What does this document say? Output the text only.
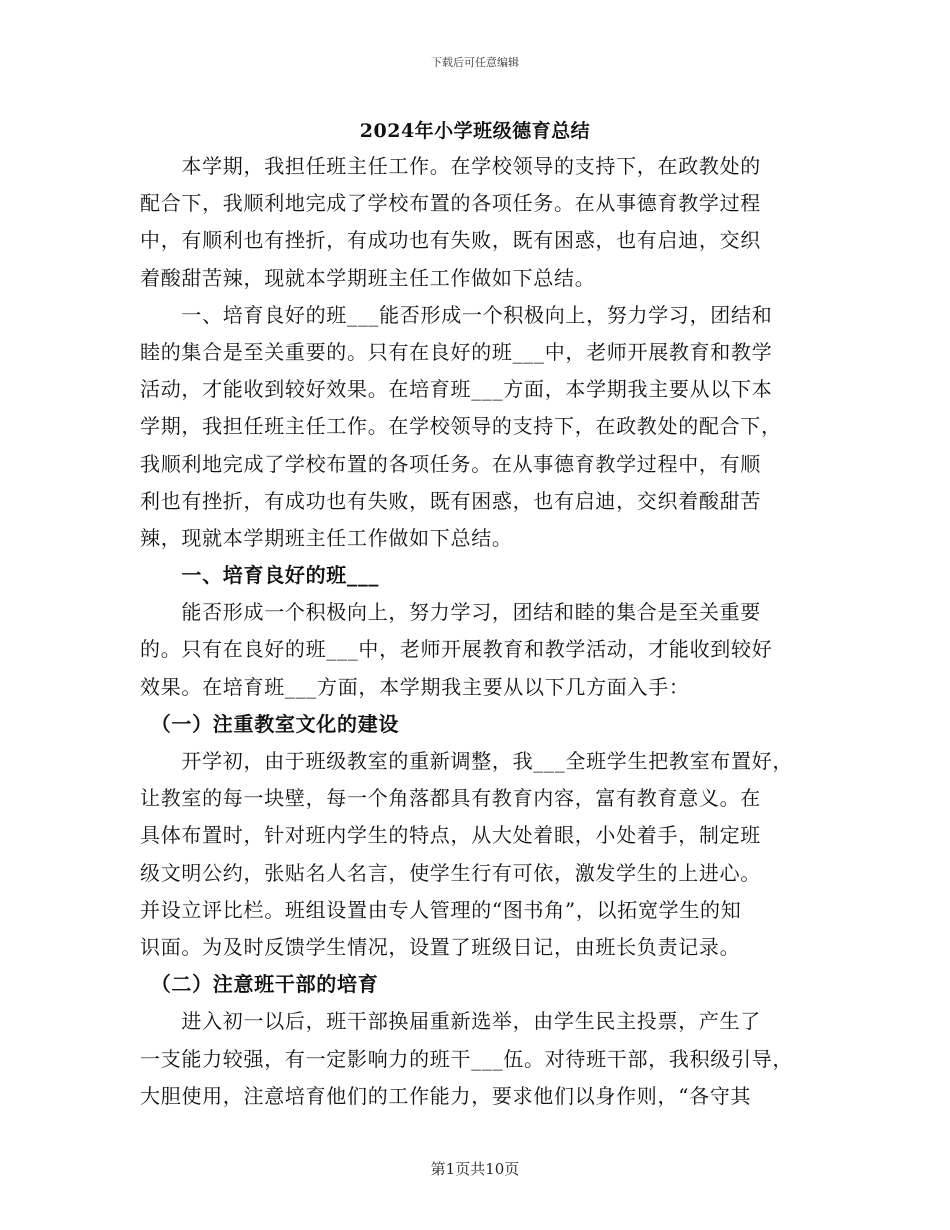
下载后可任意编辑
2024年小学班级德育总结
　　本学期，我担任班主任工作。在学校领导的支持下，在政教处的
配合下，我顺利地完成了学校布置的各项任务。在从事德育教学过程
中，有顺利也有挫折，有成功也有失败，既有困惑，也有启迪，交织
着酸甜苦辣，现就本学期班主任工作做如下总结。
　　一、培育良好的班___能否形成一个积极向上，努力学习，团结和
睦的集合是至关重要的。只有在良好的班___中，老师开展教育和教学
活动，才能收到较好效果。在培育班___方面，本学期我主要从以下本
学期，我担任班主任工作。在学校领导的支持下，在政教处的配合下，
我顺利地完成了学校布置的各项任务。在从事德育教学过程中，有顺
利也有挫折，有成功也有失败，既有困惑，也有启迪，交织着酸甜苦
辣，现就本学期班主任工作做如下总结。
　　一、培育良好的班___
　　能否形成一个积极向上，努力学习，团结和睦的集合是至关重要
的。只有在良好的班___中，老师开展教育和教学活动，才能收到较好
效果。在培育班___方面，本学期我主要从以下几方面入手：
　（一）注重教室文化的建设
　　开学初，由于班级教室的重新调整，我___全班学生把教室布置好，
让教室的每一块壁，每一个角落都具有教育内容，富有教育意义。在
具体布置时，针对班内学生的特点，从大处着眼，小处着手，制定班
级文明公约，张贴名人名言，使学生行有可依，激发学生的上进心。
并设立评比栏。班组设置由专人管理的“图书角”，以拓宽学生的知
识面。为及时反馈学生情况，设置了班级日记，由班长负责记录。
　（二）注意班干部的培育
　　进入初一以后，班干部换届重新选举，由学生民主投票，产生了
一支能力较强，有一定影响力的班干___伍。对待班干部，我积级引导，
大胆使用，注意培育他们的工作能力，要求他们以身作则，“各守其
第1页共10页
